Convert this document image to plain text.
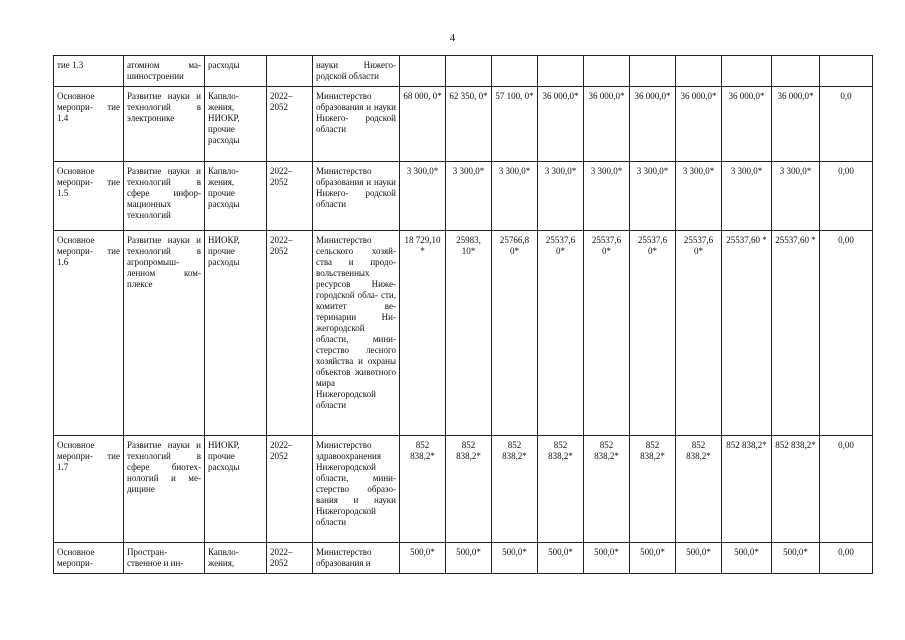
4
тие 1.3	атомном ма- шиностроении	расходы		науки Нижего- родской области										
Основное меропри- тие 1.4	Развитие науки и технологий в электронике	Капвло- жения, НИОКР, прочие расходы	2022– 2052	Министерство образования и науки Нижего- родской области	68 000, 0*	62 350, 0*	57 100, 0*	36 000,0*	36 000,0*	36 000,0*	36 000,0*	36 000,0*	36 000,0*	0,0
Основное меропри- тие 1.5	Развитие науки и технологий в сфере инфор- мационных технологий	Капвло- жения, прочие расходы	2022– 2052	Министерство образования и науки Нижего- родской области	3 300,0*	3 300,0*	3 300,0*	3 300,0*	3 300,0*	3 300,0*	3 300,0*	3 300,0*	3 300,0*	0,00
Основное меропри- тие 1.6	Развитие науки и технологий в агропромыш- ленном ком- плексе	НИОКР, прочие расходы	2022– 2052	Министерство сельского хозяй- ства и продо- вольственных ресурсов Ниже- городской обла- сти, комитет ве- теринарии Ни- жегородской области, мини- стерство лесного хозяйства и охраны объектов животного мира Нижегородской области	18 729,10 *	25983, 10*	25766,8 0*	25537,6 0*	25537,6 0*	25537,6 0*	25537,6 0*	25537,60 *	25537,60 *	0,00
Основное меропри- тие 1.7	Развитие науки и технологий в сфере биотех- нологий и ме- дицине	НИОКР, прочие расходы	2022– 2052	Министерство здравоохранения Нижегородской области, мини- стерство образо- вания и науки Нижегородской области	852 838,2*	852 838,2*	852 838,2*	852 838,2*	852 838,2*	852 838,2*	852 838,2*	852 838,2*	852 838,2*	0,00
Основное меропри-	Простран- ственное и ин-	Капвло- жения,	2022– 2052	Министерство образования и	500,0*	500,0*	500,0*	500,0*	500,0*	500,0*	500,0*	500,0*	500,0*	0,00
